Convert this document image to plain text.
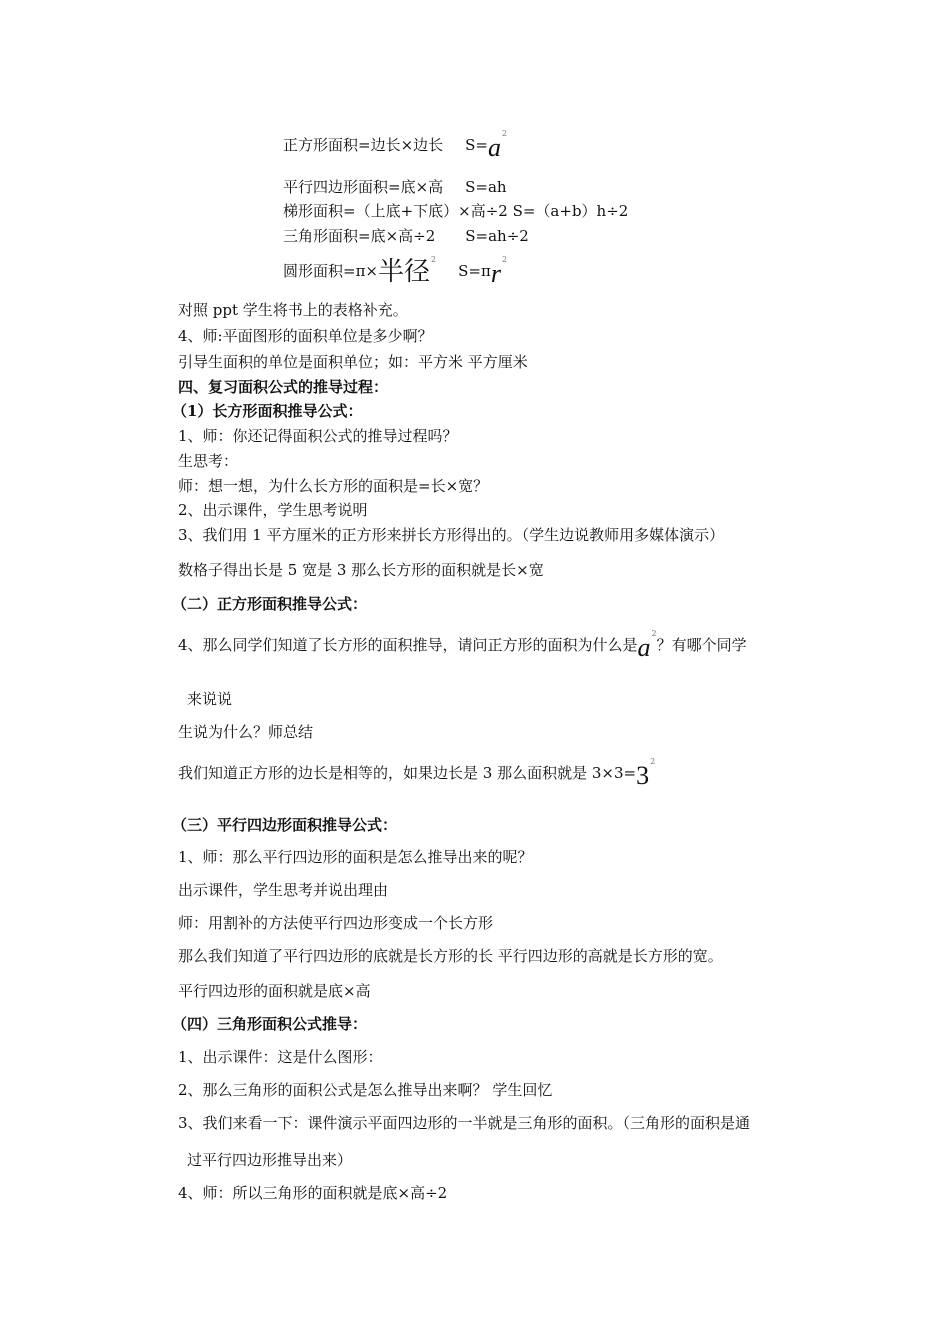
正方形面积=边长×边长 $S=a^2$
平行四边形面积=底×高 S=ah
梯形面积=（上底+下底）×高÷2 S=（a+b）h÷2
三角形面积=底×高÷2 S=ah÷2
圆形面积=π×半径$^2S=\pi r^2$
对照 ppt 学生将书上的表格补充。
4、师:平面图形的面积单位是多少啊？
引导生面积的单位是面积单位；如：平方米 平方厘米
四、复习面积公式的推导过程：
（1）长方形面积推导公式：
1、师：你还记得面积公式的推导过程吗？
生思考：
师：想一想，为什么长方形的面积是=长×宽？
2、出示课件，学生思考说明
3、我们用 1 平方厘米的正方形来拼长方形得出的。（学生边说教师用多媒体演示）
数格子得出长是 5 宽是 3 那么长方形的面积就是长×宽
（二）正方形面积推导公式：
4、那么同学们知道了长方形的面积推导，请问正方形的面积为什么是$a^2$？有哪个同学
来说说
生说为什么？师总结
我们知道正方形的边长是相等的，如果边长是 3 那么面积就是 $3\times 3=3^2$
（三）平行四边形面积推导公式：
1、师：那么平行四边形的面积是怎么推导出来的呢？
出示课件，学生思考并说出理由
师：用割补的方法使平行四边形变成一个长方形
那么我们知道了平行四边形的底就是长方形的长 平行四边形的高就是长方形的宽。
平行四边形的面积就是底×高
（四）三角形面积公式推导：
1、出示课件：这是什么图形：
2、那么三角形的面积公式是怎么推导出来啊？ 学生回忆
3、我们来看一下：课件演示平面四边形的一半就是三角形的面积。（三角形的面积是通
过平行四边形推导出来）
4、师：所以三角形的面积就是底×高÷2
